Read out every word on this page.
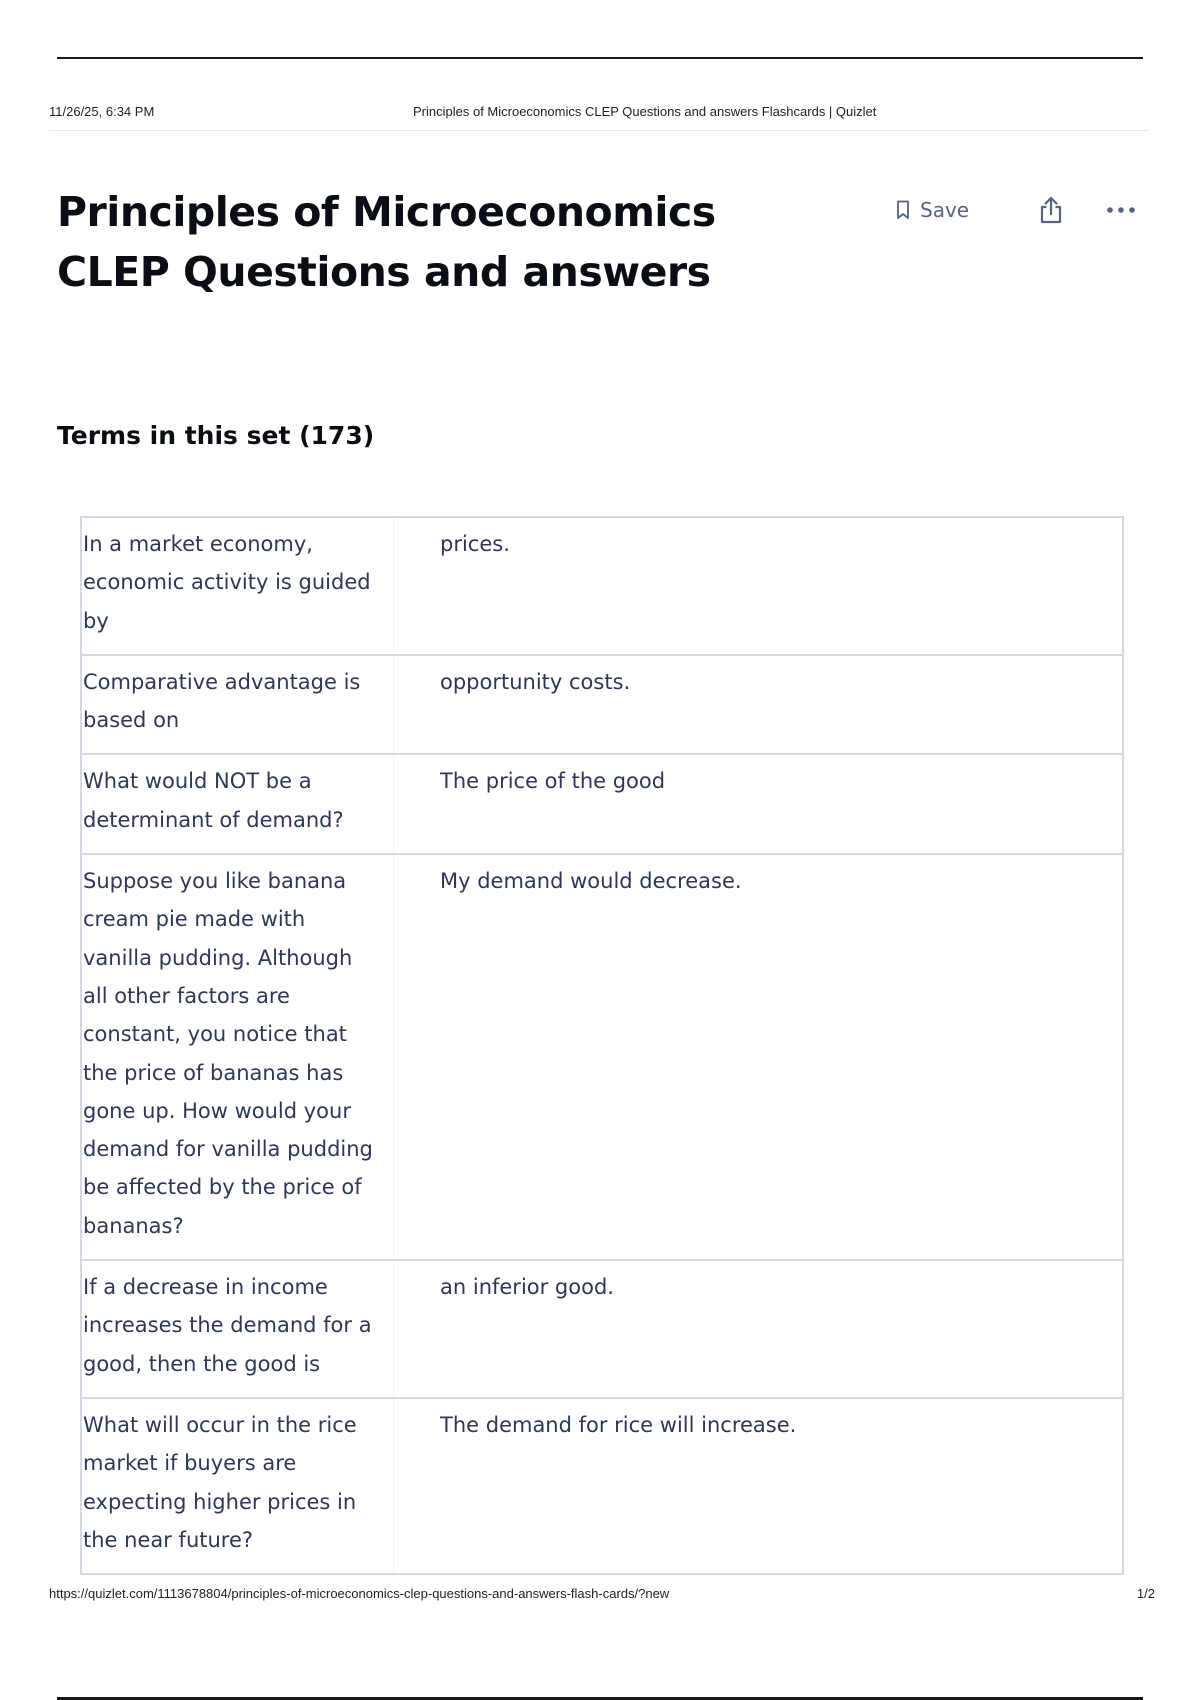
11/26/25, 6:34 PM	Principles of Microeconomics CLEP Questions and answers Flashcards | Quizlet
Principles of Microeconomics
CLEP Questions and answers
Save
Terms in this set (173)
In a market economy, economic activity is guided by
prices.
Comparative advantage is based on
opportunity costs.
What would NOT be a determinant of demand?
The price of the good
Suppose you like banana cream pie made with vanilla pudding. Although all other factors are constant, you notice that the price of bananas has gone up. How would your demand for vanilla pudding be affected by the price of bananas?
My demand would decrease.
If a decrease in income increases the demand for a good, then the good is
an inferior good.
What will occur in the rice market if buyers are expecting higher prices in the near future?
The demand for rice will increase.
https://quizlet.com/1113678804/principles-of-microeconomics-clep-questions-and-answers-flash-cards/?new	1/2
